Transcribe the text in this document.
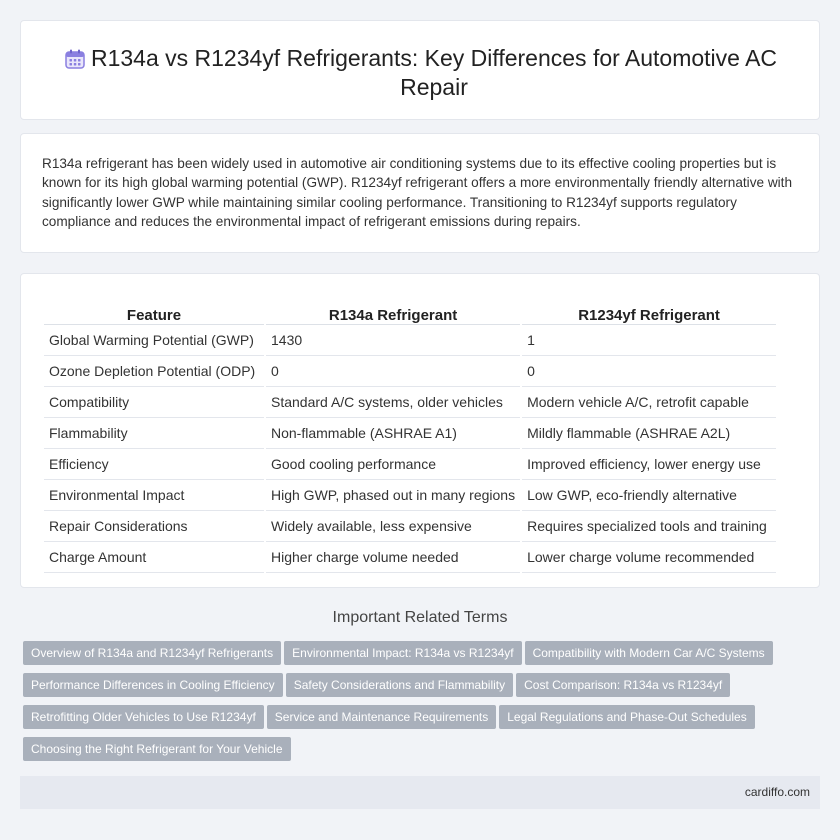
R134a vs R1234yf Refrigerants: Key Differences for Automotive AC Repair

R134a refrigerant has been widely used in automotive air conditioning systems due to its effective cooling properties but is known for its high global warming potential (GWP). R1234yf refrigerant offers a more environmentally friendly alternative with significantly lower GWP while maintaining similar cooling performance. Transitioning to R1234yf supports regulatory compliance and reduces the environmental impact of refrigerant emissions during repairs.

Feature	R134a Refrigerant	R1234yf Refrigerant
Global Warming Potential (GWP)	1430	1
Ozone Depletion Potential (ODP)	0	0
Compatibility	Standard A/C systems, older vehicles	Modern vehicle A/C, retrofit capable
Flammability	Non-flammable (ASHRAE A1)	Mildly flammable (ASHRAE A2L)
Efficiency	Good cooling performance	Improved efficiency, lower energy use
Environmental Impact	High GWP, phased out in many regions	Low GWP, eco-friendly alternative
Repair Considerations	Widely available, less expensive	Requires specialized tools and training
Charge Amount	Higher charge volume needed	Lower charge volume recommended
Important Related Terms
Overview of R134a and R1234yf Refrigerants Environmental Impact: R134a vs R1234yf Compatibility with Modern Car A/C SystemsPerformance Differences in Cooling Efficiency Safety Considerations and Flammability Cost Comparison: R134a vs R1234yfRetrofitting Older Vehicles to Use R1234yf Service and Maintenance Requirements Legal Regulations and Phase-Out SchedulesChoosing the Right Refrigerant for Your Vehicle
cardiffo.com
